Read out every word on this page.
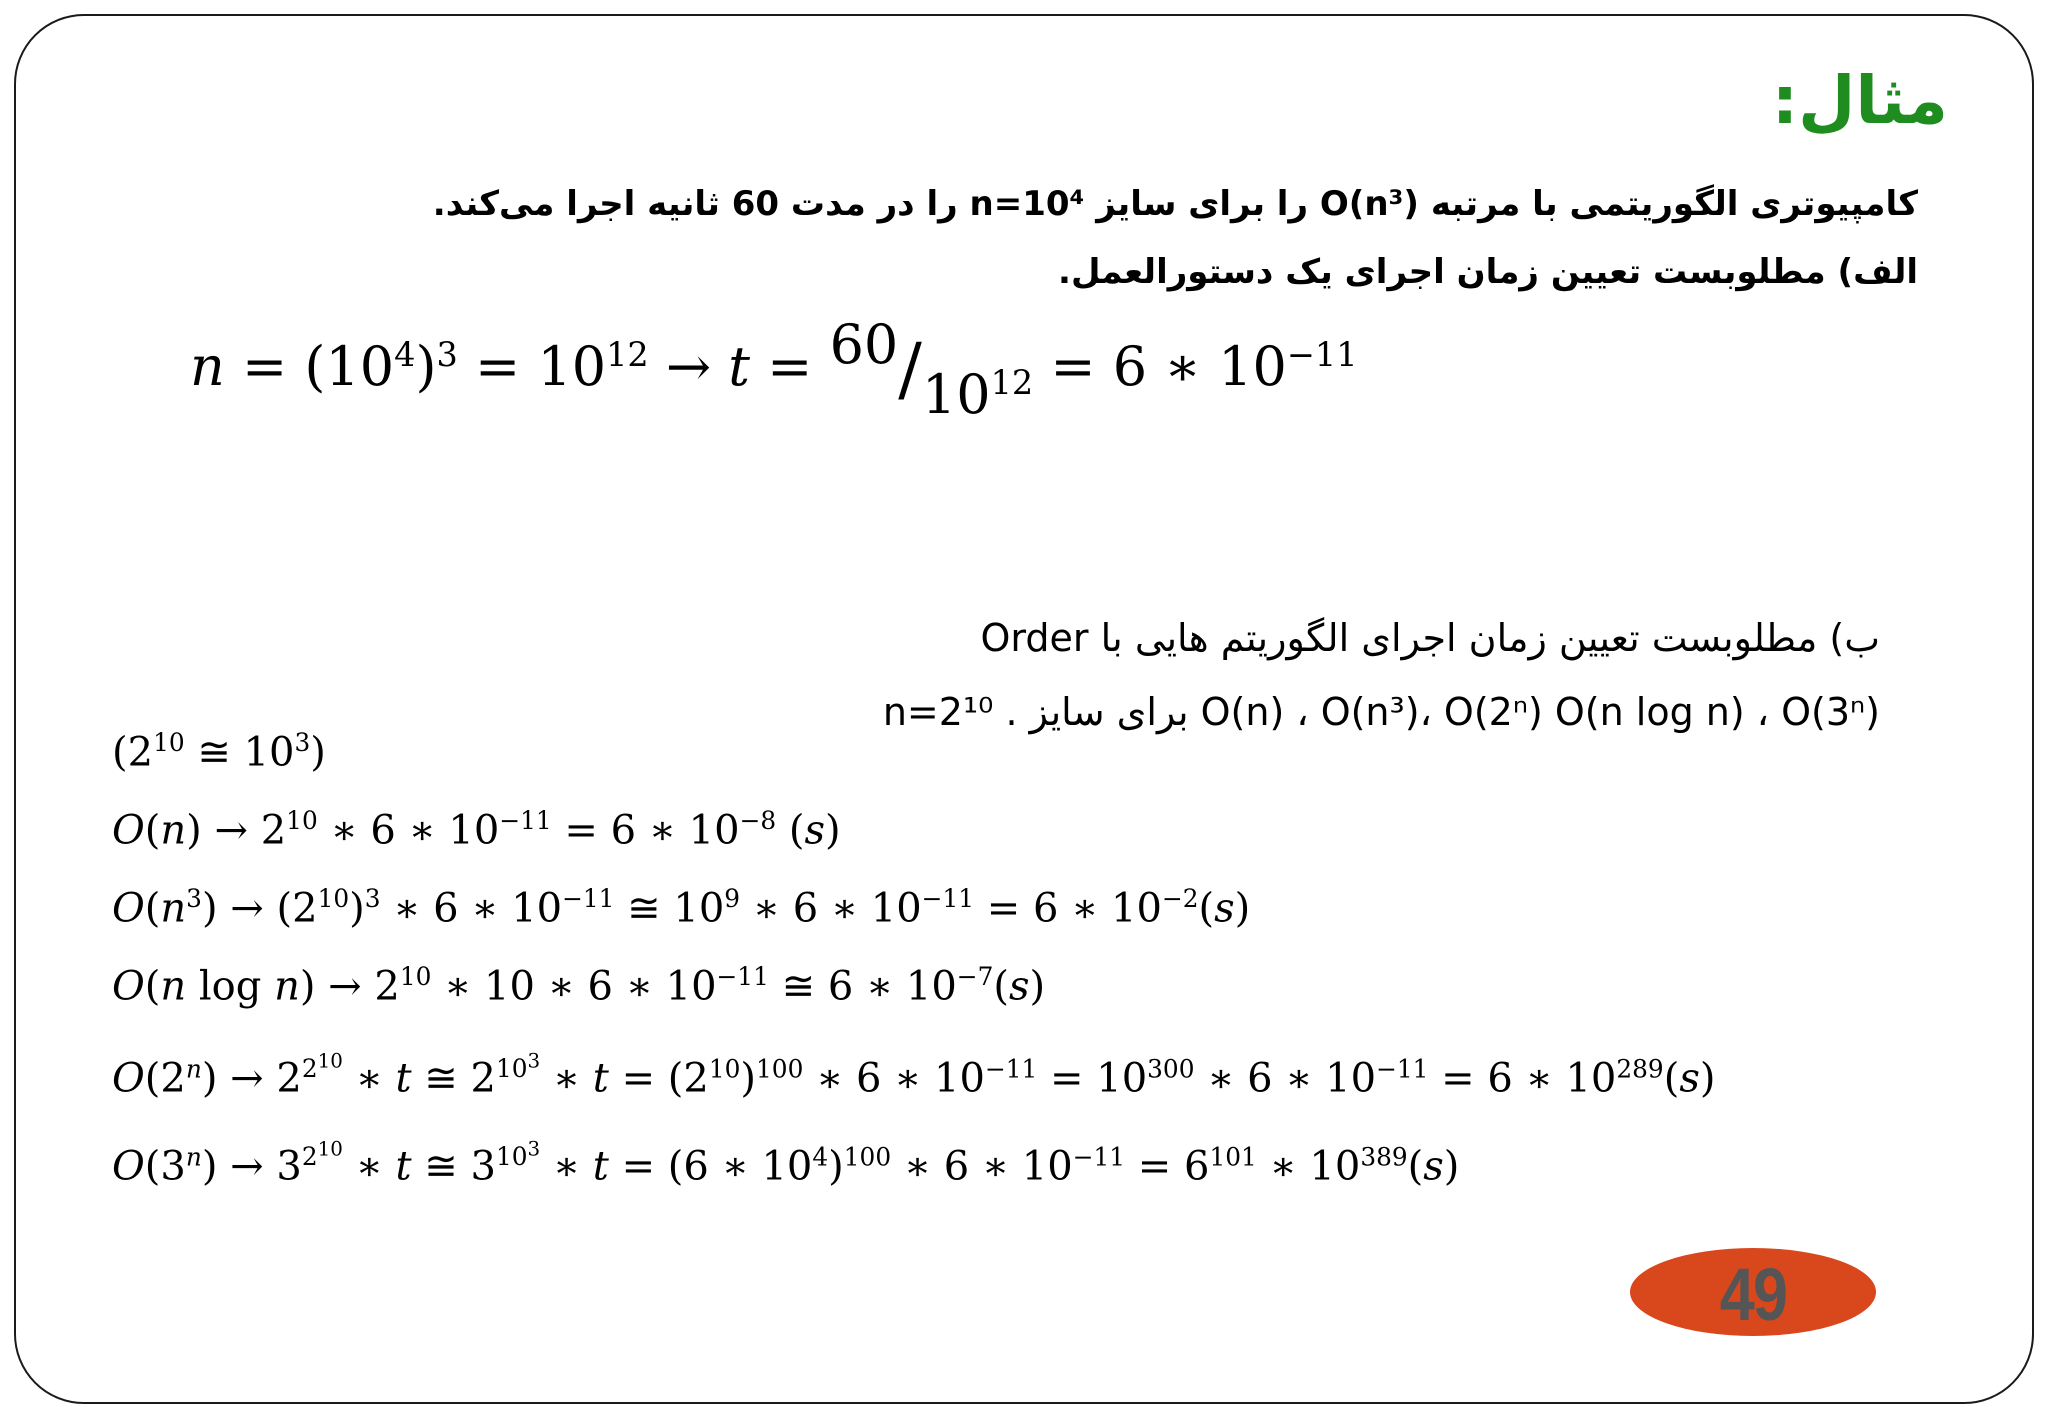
مثال:
کامپیوتری الگوریتمی با مرتبه O(n³) را برای سایز n=10⁴ را در مدت 60 ثانیه اجرا می‌کند.
الف) مطلوبست تعیین زمان اجرای یک دستورالعمل.
$n = (10^4)^3 = 10^{12} \to t = 60/10^{12} = 6$ ∗ $10^{-11}$
ب) مطلوبست تعیین زمان اجرای الگوریتم هایی با Order
O(n) ، O(n³)، O(2ⁿ) O(n log n) ، O(3ⁿ) برای سایز n=2¹⁰ .
($2^{10}$ ≅ $10^3$)
$O(n) \to 2^{10}$ ∗ 6 ∗ $10^{-11} = 6$ ∗ $10^{-8}$ (s)
$O(n^3) \to (2^{10})^3$ ∗ 6 ∗ $10^{-11}$ ≅ $10^9$ ∗ 6 ∗ $10^{-11} = 6$ ∗ $10^{-2}(s)$
O(n $\log n) \to 2^{10}$ ∗ 10 ∗ 6 ∗ $10^{-11}$ ≅ 6 ∗ $10^{-7}(s)$
$O(2^n) \to 2^{2^{10}}$ ∗ t ≅ $2^{10^3}$ ∗ $t = (2^{10})^{100}$ ∗ 6 ∗ $10^{-11} = 10^{300}$ ∗ 6 ∗ $10^{-11} = 6$ ∗ $10^{289}(s)$
$O(3^n) \to 3^{2^{10}}$ ∗ t ≅ $3^{10^3}$ ∗ t = (6 ∗ $10^4)^{100}$ ∗ 6 ∗ $10^{-11} = 6^{101}$ ∗ $10^{389}(s)$
49
